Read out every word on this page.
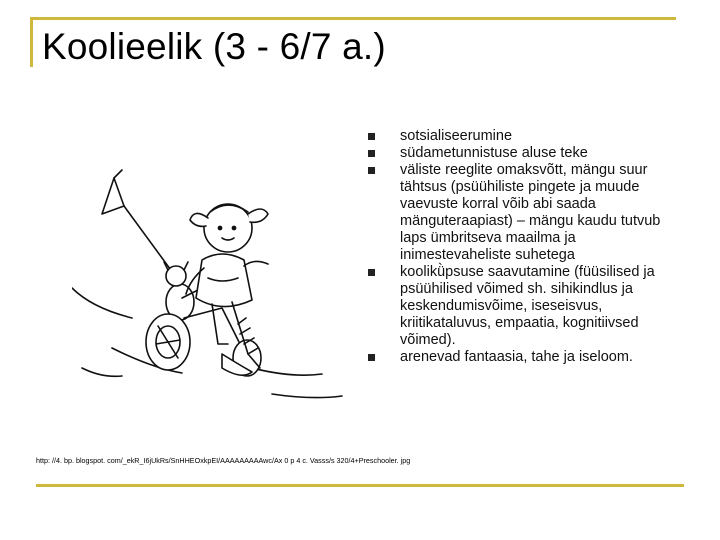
Koolieelik (3 - 6/7 a.)
sotsialiseerumine
südametunnistuse aluse teke
väliste reeglite omaksvõtt, mängu suur tähtsus (psüühiliste pingete ja muude vaevuste korral võib abi saada mänguteraapiast) – mängu kaudu tutvub laps ümbritseva maailma ja inimestevaheliste suhetega
koolikǜpsuse saavutamine (füüsilised ja psüühilised võimed sh. sihikindlus ja keskendumisvõime, iseseisvus, kriitikataluvus, empaatia, kognitiivsed võimed).
arenevad fantaasia, tahe ja iseloom.
http: //4. bp. blogspot. com/_ekR_I6jUkRs/SnHHEOxkpEI/AAAAAAAAAwc/Ax 0 p 4 c. Vasss/s 320/4+Preschooler. jpg
